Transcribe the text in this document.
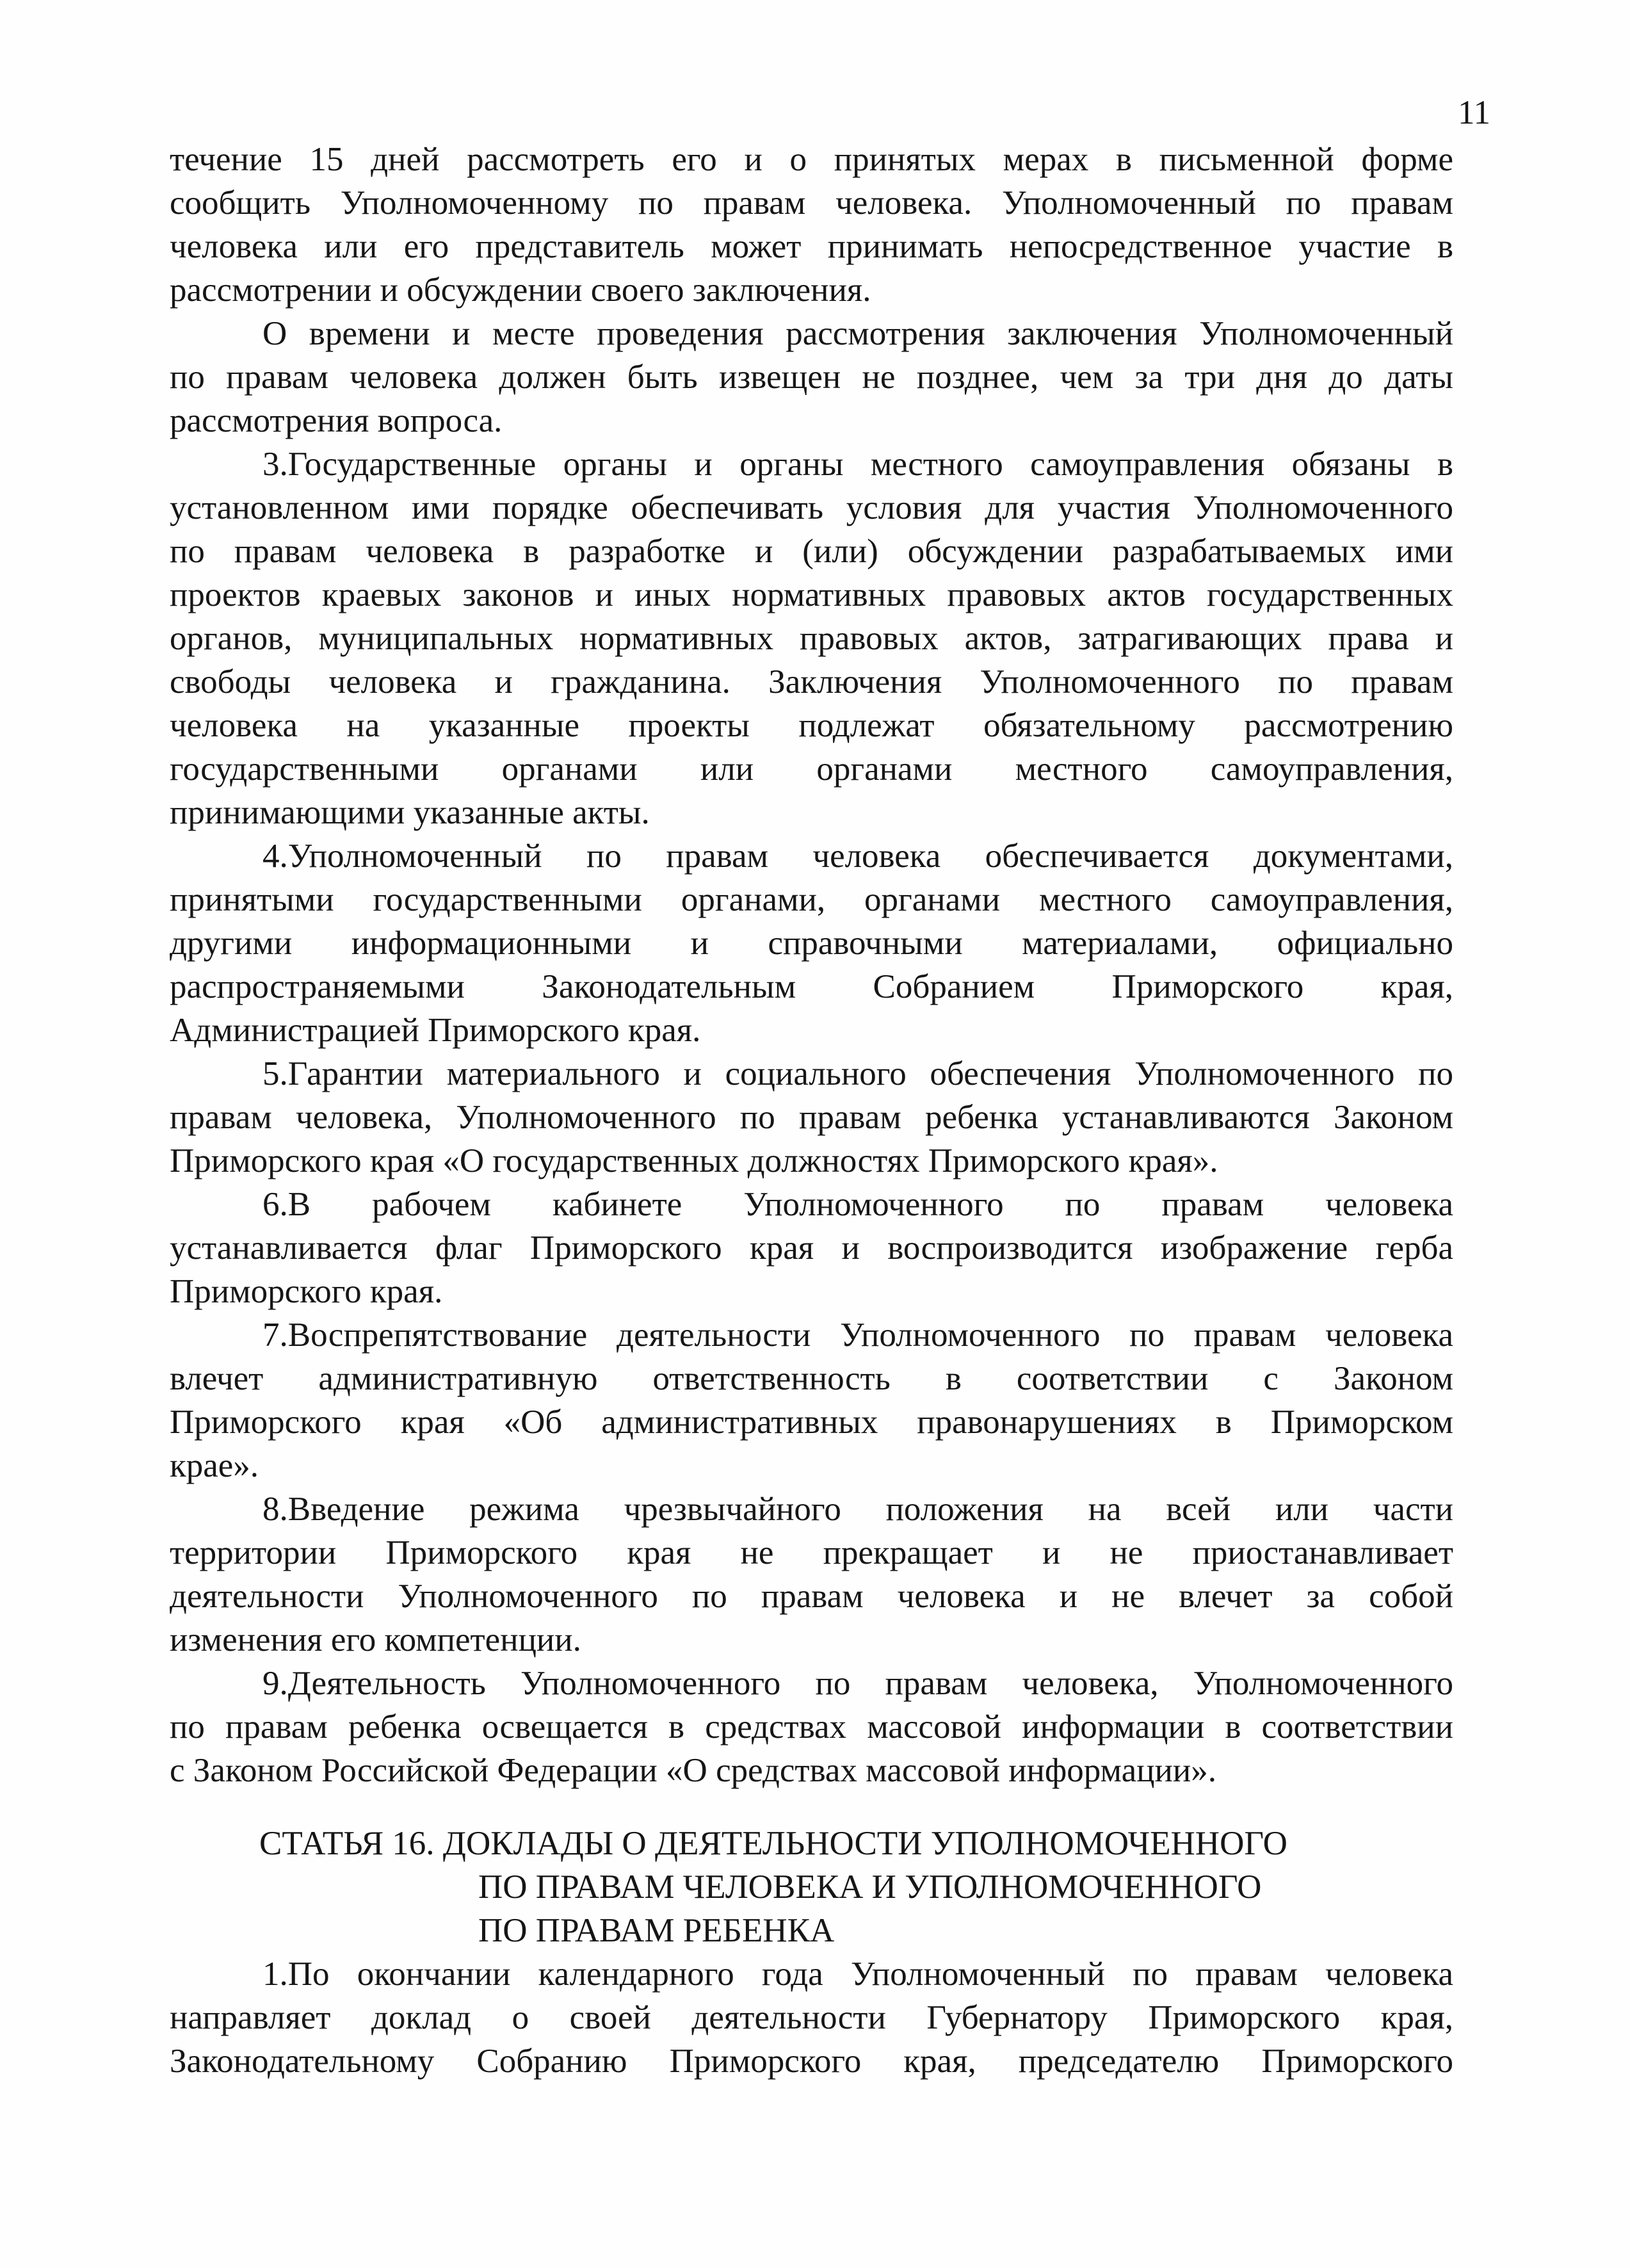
11
течение 15 дней рассмотреть его и о принятых мерах в письменной форме
сообщить Уполномоченному по правам человека. Уполномоченный по правам
человека или его представитель может принимать непосредственное участие в
рассмотрении и обсуждении своего заключения.
О времени и месте проведения рассмотрения заключения Уполномоченный
по правам человека должен быть извещен не позднее, чем за три дня до даты
рассмотрения вопроса.
3.Государственные органы и органы местного самоуправления обязаны в
установленном ими порядке обеспечивать условия для участия Уполномоченного
по правам человека в разработке и (или) обсуждении разрабатываемых ими
проектов краевых законов и иных нормативных правовых актов государственных
органов, муниципальных нормативных правовых актов, затрагивающих права и
свободы человека и гражданина. Заключения Уполномоченного по правам
человека на указанные проекты подлежат обязательному рассмотрению
государственными органами или органами местного самоуправления,
принимающими указанные акты.
4.Уполномоченный по правам человека обеспечивается документами,
принятыми государственными органами, органами местного самоуправления,
другими информационными и справочными материалами, официально
распространяемыми Законодательным Собранием Приморского края,
Администрацией Приморского края.
5.Гарантии материального и социального обеспечения Уполномоченного по
правам человека, Уполномоченного по правам ребенка устанавливаются Законом
Приморского края «О государственных должностях Приморского края».
6.В рабочем кабинете Уполномоченного по правам человека
устанавливается флаг Приморского края и воспроизводится изображение герба
Приморского края.
7.Воспрепятствование деятельности Уполномоченного по правам человека
влечет административную ответственность в соответствии с Законом
Приморского края «Об административных правонарушениях в Приморском
крае».
8.Введение режима чрезвычайного положения на всей или части
территории Приморского края не прекращает и не приостанавливает
деятельности Уполномоченного по правам человека и не влечет за собой
изменения его компетенции.
9.Деятельность Уполномоченного по правам человека, Уполномоченного
по правам ребенка освещается в средствах массовой информации в соответствии
с Законом Российской Федерации «О средствах массовой информации».
СТАТЬЯ 16. ДОКЛАДЫ О ДЕЯТЕЛЬНОСТИ УПОЛНОМОЧЕННОГО
ПО ПРАВАМ ЧЕЛОВЕКА И УПОЛНОМОЧЕННОГО
ПО ПРАВАМ РЕБЕНКА
1.По окончании календарного года Уполномоченный по правам человека
направляет доклад о своей деятельности Губернатору Приморского края,
Законодательному Собранию Приморского края, председателю Приморского
